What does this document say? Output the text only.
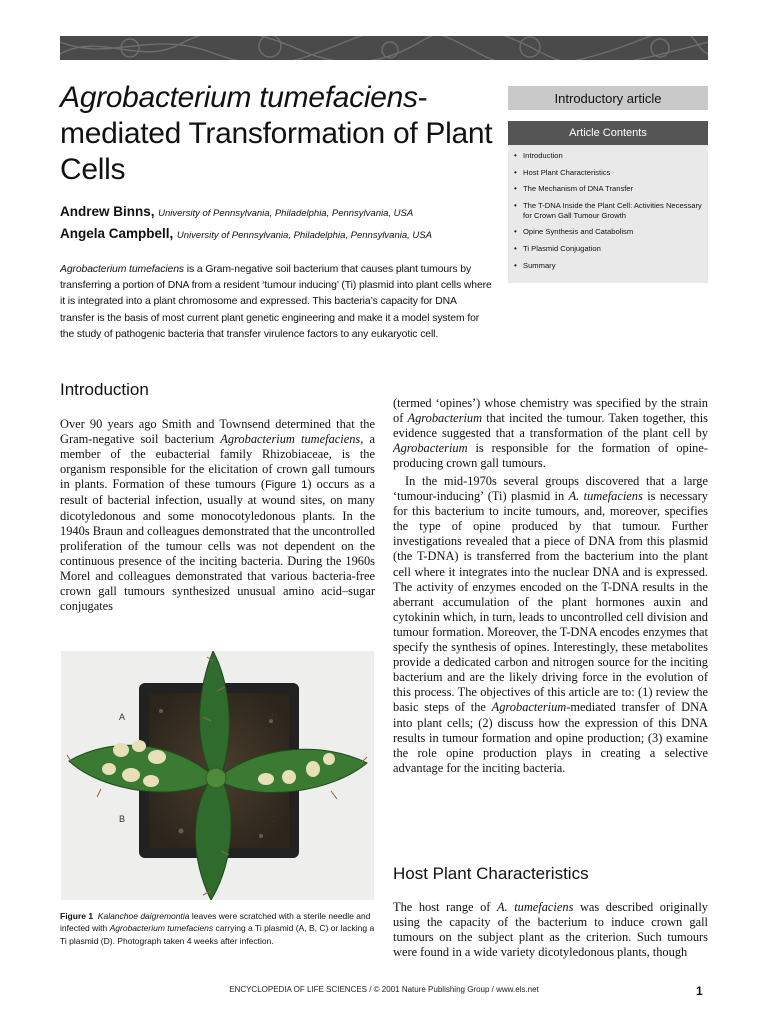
Agrobacterium tumefaciens-mediated Transformation of Plant Cells
Andrew Binns, University of Pennsylvania, Philadelphia, Pennsylvania, USA
Angela Campbell, University of Pennsylvania, Philadelphia, Pennsylvania, USA

Agrobacterium tumefaciens is a Gram-negative soil bacterium that causes plant tumours by transferring a portion of DNA from a resident ‘tumour inducing’ (Ti) plasmid into plant cells where it is integrated into a plant chromosome and expressed. This bacteria’s capacity for DNA transfer is the basis of most current plant genetic engineering and make it a model system for the study of pathogenic bacteria that transfer virulence factors to any eukaryotic cell.

Introductory article
Article Contents
• Introduction
• Host Plant Characteristics
• The Mechanism of DNA Transfer
• The T-DNA Inside the Plant Cell: Activities Necessary for Crown Gall Tumour Growth
• Opine Synthesis and Catabolism
• Ti Plasmid Conjugation
• Summary
Introduction

Over 90 years ago Smith and Townsend determined that the Gram-negative soil bacterium Agrobacterium tumefaciens, a member of the eubacterial family Rhizobiaceae, is the organism responsible for the elicitation of crown gall tumours in plants. Formation of these tumours (Figure 1) occurs as a result of bacterial infection, usually at wound sites, on many dicotyledonous and some monocotyledonous plants. In the 1940s Braun and colleagues demonstrated that the uncontrolled proliferation of the tumour cells was not dependent on the continuous presence of the inciting bacteria. During the 1960s Morel and colleagues demonstrated that various bacteria-free crown gall tumours synthesized unusual amino acid–sugar conjugates

(termed ‘opines’) whose chemistry was specified by the strain of Agrobacterium that incited the tumour. Taken together, this evidence suggested that a transformation of the plant cell by Agrobacterium is responsible for the formation of opine-producing crown gall tumours.

In the mid-1970s several groups discovered that a large ‘tumour-inducing’ (Ti) plasmid in A. tumefaciens is necessary for this bacterium to incite tumours, and, moreover, specifies the type of opine produced by that tumour. Further investigations revealed that a piece of DNA from this plasmid (the T-DNA) is transferred from the bacterium into the plant cell where it integrates into the nuclear DNA and is expressed. The activity of enzymes encoded on the T-DNA results in the aberrant accumulation of the plant hormones auxin and cytokinin which, in turn, leads to uncontrolled cell division and tumour formation. Moreover, the T-DNA encodes enzymes that specify the synthesis of opines. Interestingly, these metabolites provide a dedicated carbon and nitrogen source for the inciting bacterium and are the likely driving force in the evolution of this process. The objectives of this article are to: (1) review the basic steps of the Agrobacterium-mediated transfer of DNA into plant cells; (2) discuss how the expression of this DNA results in tumour formation and opine production; (3) examine the role opine production plays in creating a selective advantage for the inciting bacteria.

A	D
B	C

Figure 1 Kalanchoe daigremontia leaves were scratched with a sterile needle and infected with Agrobacterium tumefaciens carrying a Ti plasmid (A, B, C) or lacking a Ti plasmid (D). Photograph taken 4 weeks after infection.

Host Plant Characteristics

The host range of A. tumefaciens was described originally using the capacity of the bacterium to induce crown gall tumours on the subject plant as the criterion. Such tumours were found in a wide variety dicotyledonous plants, though

ENCYCLOPEDIA OF LIFE SCIENCES / © 2001 Nature Publishing Group / www.els.net	1
